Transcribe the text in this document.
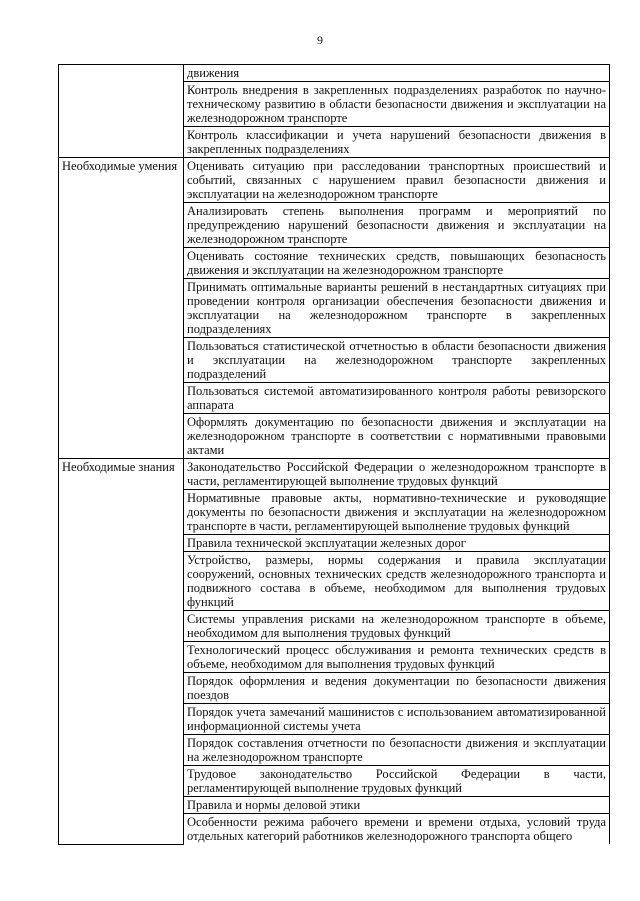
9
	движения
	Контроль внедрения в закрепленных подразделениях разработок по научно-техническому развитию в области безопасности движения и эксплуатации на железнодорожном транспорте
	Контроль классификации и учета нарушений безопасности движения в закрепленных подразделениях
Необходимые умения	Оценивать ситуацию при расследовании транспортных происшествий и событий, связанных с нарушением правил безопасности движения и эксплуатации на железнодорожном транспорте
	Анализировать степень выполнения программ и мероприятий по предупреждению нарушений безопасности движения и эксплуатации на железнодорожном транспорте
	Оценивать состояние технических средств, повышающих безопасность движения и эксплуатации на железнодорожном транспорте
	Принимать оптимальные варианты решений в нестандартных ситуациях при проведении контроля организации обеспечения безопасности движения и эксплуатации на железнодорожном транспорте в закрепленных подразделениях
	Пользоваться статистической отчетностью в области безопасности движения и эксплуатации на железнодорожном транспорте закрепленных подразделений
	Пользоваться системой автоматизированного контроля работы ревизорского аппарата
	Оформлять документацию по безопасности движения и эксплуатации на железнодорожном транспорте в соответствии с нормативными правовыми актами
Необходимые знания	Законодательство Российской Федерации о железнодорожном транспорте в части, регламентирующей выполнение трудовых функций
	Нормативные правовые акты, нормативно-технические и руководящие документы по безопасности движения и эксплуатации на железнодорожном транспорте в части, регламентирующей выполнение трудовых функций
	Правила технической эксплуатации железных дорог
	Устройство, размеры, нормы содержания и правила эксплуатации сооружений, основных технических средств железнодорожного транспорта и подвижного состава в объеме, необходимом для выполнения трудовых функций
	Системы управления рисками на железнодорожном транспорте в объеме, необходимом для выполнения трудовых функций
	Технологический процесс обслуживания и ремонта технических средств в объеме, необходимом для выполнения трудовых функций
	Порядок оформления и ведения документации по безопасности движения поездов
	Порядок учета замечаний машинистов с использованием автоматизированной информационной системы учета
	Порядок составления отчетности по безопасности движения и эксплуатации на железнодорожном транспорте
	Трудовое законодательство Российской Федерации в части, регламентирующей выполнение трудовых функций
	Правила и нормы деловой этики
	Особенности режима рабочего времени и времени отдыха, условий труда отдельных категорий работников железнодорожного транспорта общего
